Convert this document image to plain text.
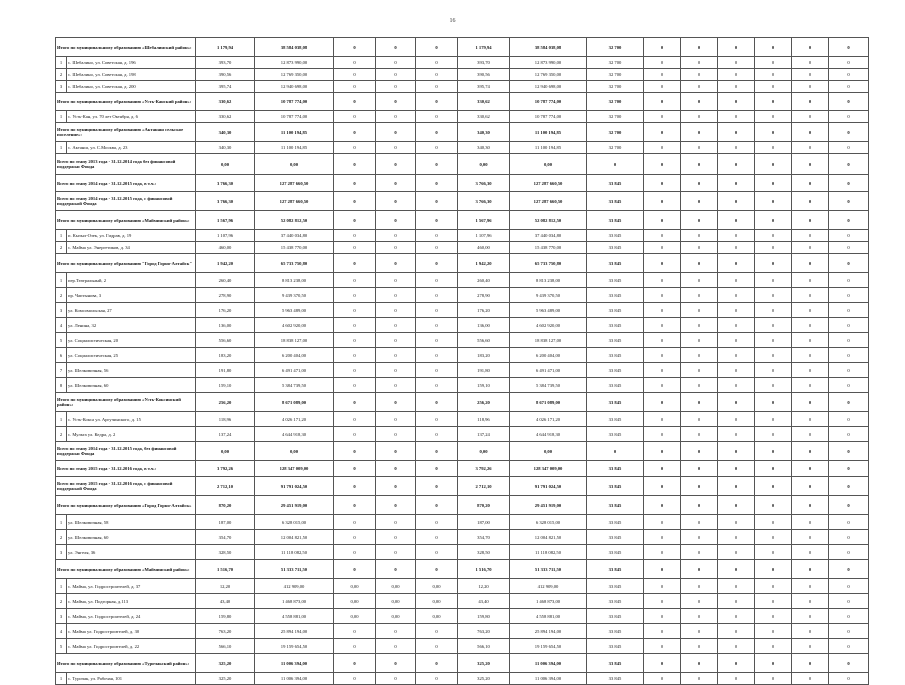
16
Итого по муниципальному образованию «Шебалинский район»:		1 179,94	38 584 038,08	0	0	0	1 179,94	38 584 038,08	32 700	0	0	0	0	0	0
1	с. Шебалино, ул. Советская, д. 196	393,70	12 873 990,00	0	0	0	393,70	12 873 990,00	32 700	0	0	0	0	0	0
2	с. Шебалино, ул. Советская, д. 198	390,56	12 769 350,00	0	0	0	390,56	12 769 350,00	32 700	0	0	0	0	0	0
3	с. Шебалино, ул. Советская, д. 200	395,74	12 940 698,00	0	0	0	395,74	12 940 698,00	32 700	0	0	0	0	0	0
Итого по муниципальному образованию «Усть-Канский район»:		330,62	10 787 774,00	0	0	0	330,62	10 787 774,00	32 700	0	0	0	0	0	0
1	с. Усть-Кан, ул. 70 лет Октября, д. 6	330,62	10 787 774,00	0	0	0	330,62	10 787 774,00	32 700	0	0	0	0	0	0
Итого по муниципальному образованию «Актанаш сельское поселение»:		340,30	11 100 194,85	0	0	0	340,30	11 100 194,85	32 700	0	0	0	0	0	0
1	с. Актанш, ул. С.Москва, д. 23	340,30	11 100 194,85	0	0	0	340,30	11 100 194,85	32 700	0	0	0	0	0	0
Всего по этапу 2013 года - 31.12.2014 года без финансовой поддержки Фонда		0,00	0,00	0	0	0	0,00	0,00	0	0	0	0	0	0	0
Всего по этапу 2014 года - 31.12.2015 года, в т.ч.:		3 766,30	127 287 660,50	0	0	0	3 766,30	127 287 660,50	33 845	0	0	0	0	0	0
Всего по этапу 2014 года - 31.12.2015 года, с финансовой поддержкой Фонда		3 766,30	127 287 660,50	0	0	0	3 766,30	127 287 660,50	33 845	0	0	0	0	0	0
Итого по муниципальному образованию «Майминский район»:		1 567,96	52 082 812,50	0	0	0	1 567,96	52 082 812,50	33 845	0	0	0	0	0	0
1	п. Кызыл-Озек, ул. Гидрав, д. 19	1 107,96	37 440 034,80	0	0	0	1 107,96	37 440 034,80	33 845	0	0	0	0	0	0
2	с. Майма ул. Энергетиков, д. 34	460,00	15 438 770,00	0	0	0	460,00	15 438 770,00	33 845	0	0	0	0	0	0
Итого по муниципальному образованию "Город Горно-Алтайск"		1 942,20	65 733 750,80	0	0	0	1 942,20	65 733 750,80	33 845	0	0	0	0	0	0
1	пер.Театральный, 2	260,40	8 813 238,00	0	0	0	260,40	8 813 238,00	33 845	0	0	0	0	0	0
2	пр. Чаптынова, 3	278,90	9 439 370,50	0	0	0	278,90	9 439 370,50	33 845	0	0	0	0	0	0
3	ул. Комсомольская, 27	176,20	5 963 489,00	0	0	0	176,20	5 963 489,00	33 845	0	0	0	0	0	0
4	ул. Ленина, 32	136,00	4 602 920,00	0	0	0	136,00	4 602 920,00	33 845	0	0	0	0	0	0
5	ул. Социалистическая, 20	556,60	18 838 127,00	0	0	0	556,60	18 838 127,00	33 845	0	0	0	0	0	0
6	ул. Социалистическая, 25	183,20	6 200 404,00	0	0	0	183,20	6 200 404,00	33 845	0	0	0	0	0	0
7	ул. Шелковичная, 56	191,80	6 491 471,00	0	0	0	191,80	6 491 471,00	33 845	0	0	0	0	0	0
8	ул. Шелковичная, 60	159,10	5 384 739,50	0	0	0	159,10	5 384 739,50	33 845	0	0	0	0	0	0
Итого по муниципальному образованию «Усть-Коксинский район»:		256,20	8 671 089,00	0	0	0	256,20	8 671 089,00	33 845	0	0	0	0	0	0
1	с. Усть-Кокса ул. Аргучинского, д. 15	118,96	4 026 171,20	0	0	0	118,96	4 026 171,20	33 845	0	0	0	0	0	0
2	с. Мульта ул. Кедра, д. 2	137,24	4 644 918,30	0	0	0	137,24	4 644 918,30	33 845	0	0	0	0	0	0
Всего по этапу 2014 года - 31.12.2015 года, без финансовой поддержки Фонда		0,00	0,00	0	0	0	0,00	0,00	0	0	0	0	0	0	0
Всего по этапу 2015 года - 31.12.2016 года, в т.ч.:		3 792,26	128 347 009,00	0	0	0	3 792,26	128 347 009,00	33 845	0	0	0	0	0	0
Всего по этапу 2015 года - 31.12.2016 года, с финансовой поддержкой Фонда		2 712,10	91 791 024,50	0	0	0	2 712,10	91 791 024,50	33 845	0	0	0	0	0	0
Итого по муниципальному образованию «Город Горно-Алтайск»		870,20	29 451 919,00	0	0	0	870,20	29 451 919,00	33 845	0	0	0	0	0	0
1	ул. Шелковичная, 58	187,00	6 328 015,00	0	0	0	187,00	6 328 015,00	33 845	0	0	0	0	0	0
2	ул. Шелковичная, 60	354,70	12 004 821,50	0	0	0	354,70	12 004 821,50	33 845	0	0	0	0	0	0
3	ул. Энгеля, 36	328,50	11 118 082,50	0	0	0	328,50	11 118 082,50	33 845	0	0	0	0	0	0
Итого по муниципальному образованию «Майминский район»:		1 516,70	51 333 711,50	0	0	0	1 516,70	51 333 711,50	33 845	0	0	0	0	0	0
1	с. Майма, ул. Гидростроителей, д. 37	12,20	412 909,00	0,00	0,00	0,00	12,20	412 909,00	33 845	0	0	0	0	0	0
2	с. Майма, ул. Подгорная, д.113	43,40	1 468 873,00	0,00	0,00	0,00	43,40	1 468 873,00	33 845	0	0	0	0	0	0
3	с. Майма, ул. Гидростроителей, д. 24	159,80	4 558 881,00	0,00	0,00	0,00	159,80	4 558 881,00	33 845	0	0	0	0	0	0
4	с. Майма ул. Гидростроителей, д. 30	763,20	25 894 194,00	0	0	0	763,20	25 894 194,00	33 845	0	0	0	0	0	0
5	с. Майма ул. Гидростроителей, д. 22	566,10	19 159 654,50	0	0	0	566,10	19 159 654,50	33 845	0	0	0	0	0	0
Итого по муниципальному образованию «Турочакский район»:		325,20	11 006 394,00	0	0	0	325,20	11 006 394,00	33 845	0	0	0	0	0	0
1	с. Турочак, ул. Рабочая, 101	325,20	11 006 394,00	0	0	0	325,20	11 006 394,00	33 845	0	0	0	0	0	0
